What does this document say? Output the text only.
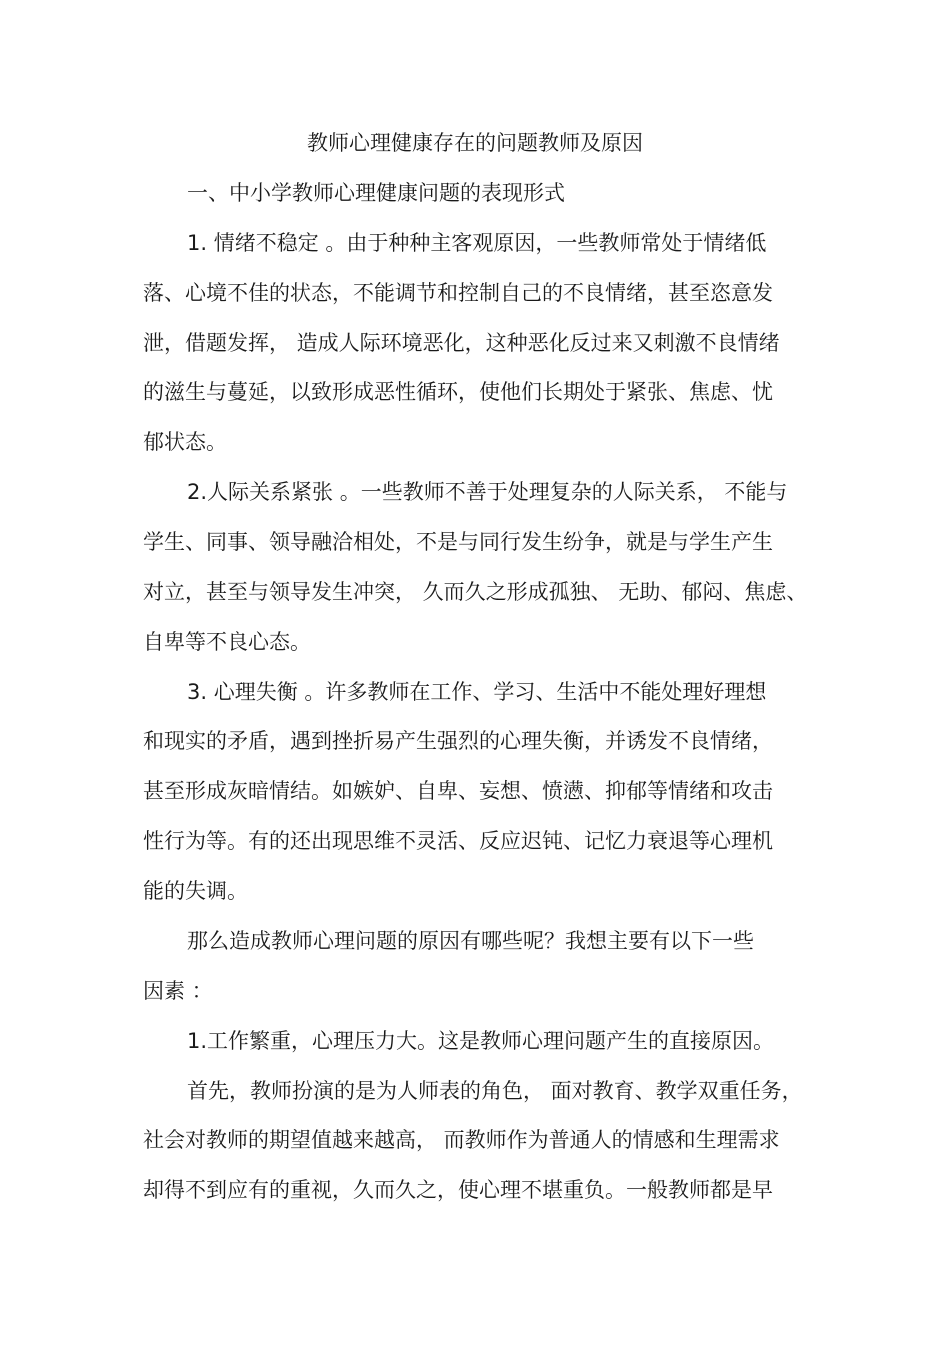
教师心理健康存在的问题教师及原因

一、中小学教师心理健康问题的表现形式

1. 情绪不稳定 。由于种种主客观原因，一些教师常处于情绪低

落、心境不佳的状态，不能调节和控制自己的不良情绪，甚至恣意发

泄，借题发挥， 造成人际环境恶化，这种恶化反过来又刺激不良情绪

的滋生与蔓延，以致形成恶性循环，使他们长期处于紧张、焦虑、忧

郁状态。

2.人际关系紧张 。一些教师不善于处理复杂的人际关系， 不能与

学生、同事、领导融洽相处，不是与同行发生纷争，就是与学生产生

对立，甚至与领导发生冲突， 久而久之形成孤独、 无助、郁闷、焦虑、

自卑等不良心态。

3. 心理失衡 。许多教师在工作、学习、生活中不能处理好理想

和现实的矛盾，遇到挫折易产生强烈的心理失衡，并诱发不良情绪，

甚至形成灰暗情结。如嫉妒、自卑、妄想、愤懑、抑郁等情绪和攻击

性行为等。有的还出现思维不灵活、反应迟钝、记忆力衰退等心理机

能的失调。

那么造成教师心理问题的原因有哪些呢？我想主要有以下一些

因素 ：

1.工作繁重，心理压力大。这是教师心理问题产生的直接原因。

首先，教师扮演的是为人师表的角色， 面对教育、教学双重任务，

社会对教师的期望值越来越高， 而教师作为普通人的情感和生理需求

却得不到应有的重视，久而久之，使心理不堪重负。一般教师都是早
